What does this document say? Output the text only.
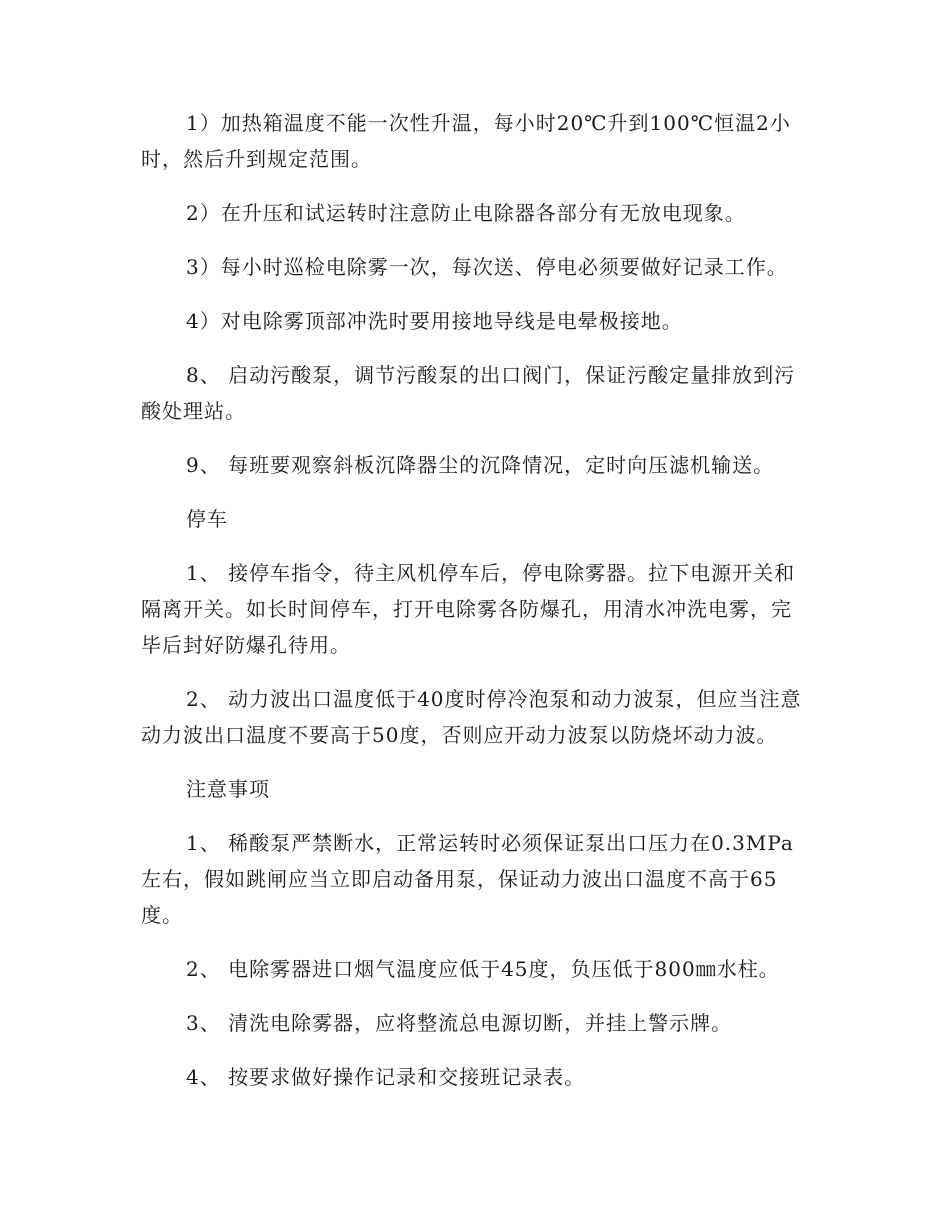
1）加热箱温度不能一次性升温，每小时20℃升到100℃恒温2小时，然后升到规定范围。

2）在升压和试运转时注意防止电除器各部分有无放电现象。

3）每小时巡检电除雾一次，每次送、停电必须要做好记录工作。

4）对电除雾顶部冲洗时要用接地导线是电晕极接地。

8、 启动污酸泵，调节污酸泵的出口阀门，保证污酸定量排放到污酸处理站。

9、 每班要观察斜板沉降器尘的沉降情况，定时向压滤机输送。

停车

1、 接停车指令，待主风机停车后，停电除雾器。拉下电源开关和隔离开关。如长时间停车，打开电除雾各防爆孔，用清水冲洗电雾，完毕后封好防爆孔待用。

2、 动力波出口温度低于40度时停冷泡泵和动力波泵，但应当注意动力波出口温度不要高于50度，否则应开动力波泵以防烧坏动力波。

注意事项

1、 稀酸泵严禁断水，正常运转时必须保证泵出口压力在0.3MPa左右，假如跳闸应当立即启动备用泵，保证动力波出口温度不高于65度。

2、 电除雾器进口烟气温度应低于45度，负压低于800㎜水柱。

3、 清洗电除雾器，应将整流总电源切断，并挂上警示牌。

4、 按要求做好操作记录和交接班记录表。
